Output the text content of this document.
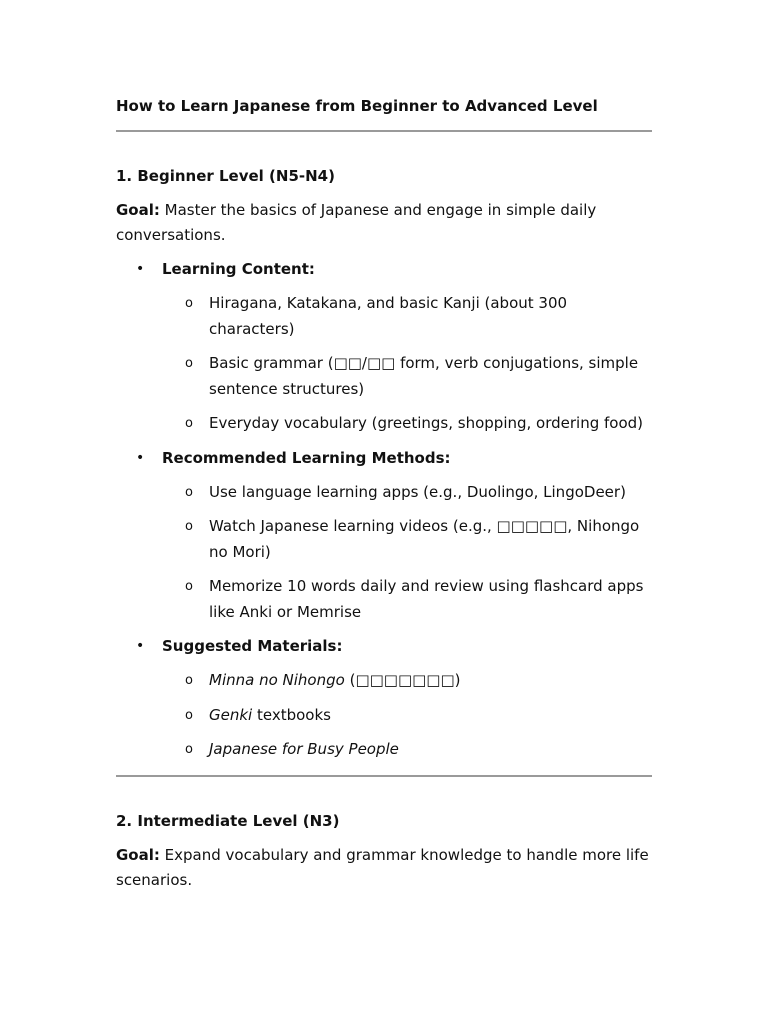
How to Learn Japanese from Beginner to Advanced Level
1. Beginner Level (N5-N4)

Goal: Master the basics of Japanese and engage in simple daily conversations.

• Learning Content:
o Hiragana, Katakana, and basic Kanji (about 300 characters)
o Basic grammar (□□/□□ form, verb conjugations, simple sentence structures)
o Everyday vocabulary (greetings, shopping, ordering food)
• Recommended Learning Methods:
o Use language learning apps (e.g., Duolingo, LingoDeer)
o Watch Japanese learning videos (e.g., □□□□□, Nihongo no Mori)
o Memorize 10 words daily and review using flashcard apps like Anki or Memrise
• Suggested Materials:
o Minna no Nihongo (□□□□□□□)
o Genki textbooks
o Japanese for Busy People
2. Intermediate Level (N3)

Goal: Expand vocabulary and grammar knowledge to handle more life scenarios.
